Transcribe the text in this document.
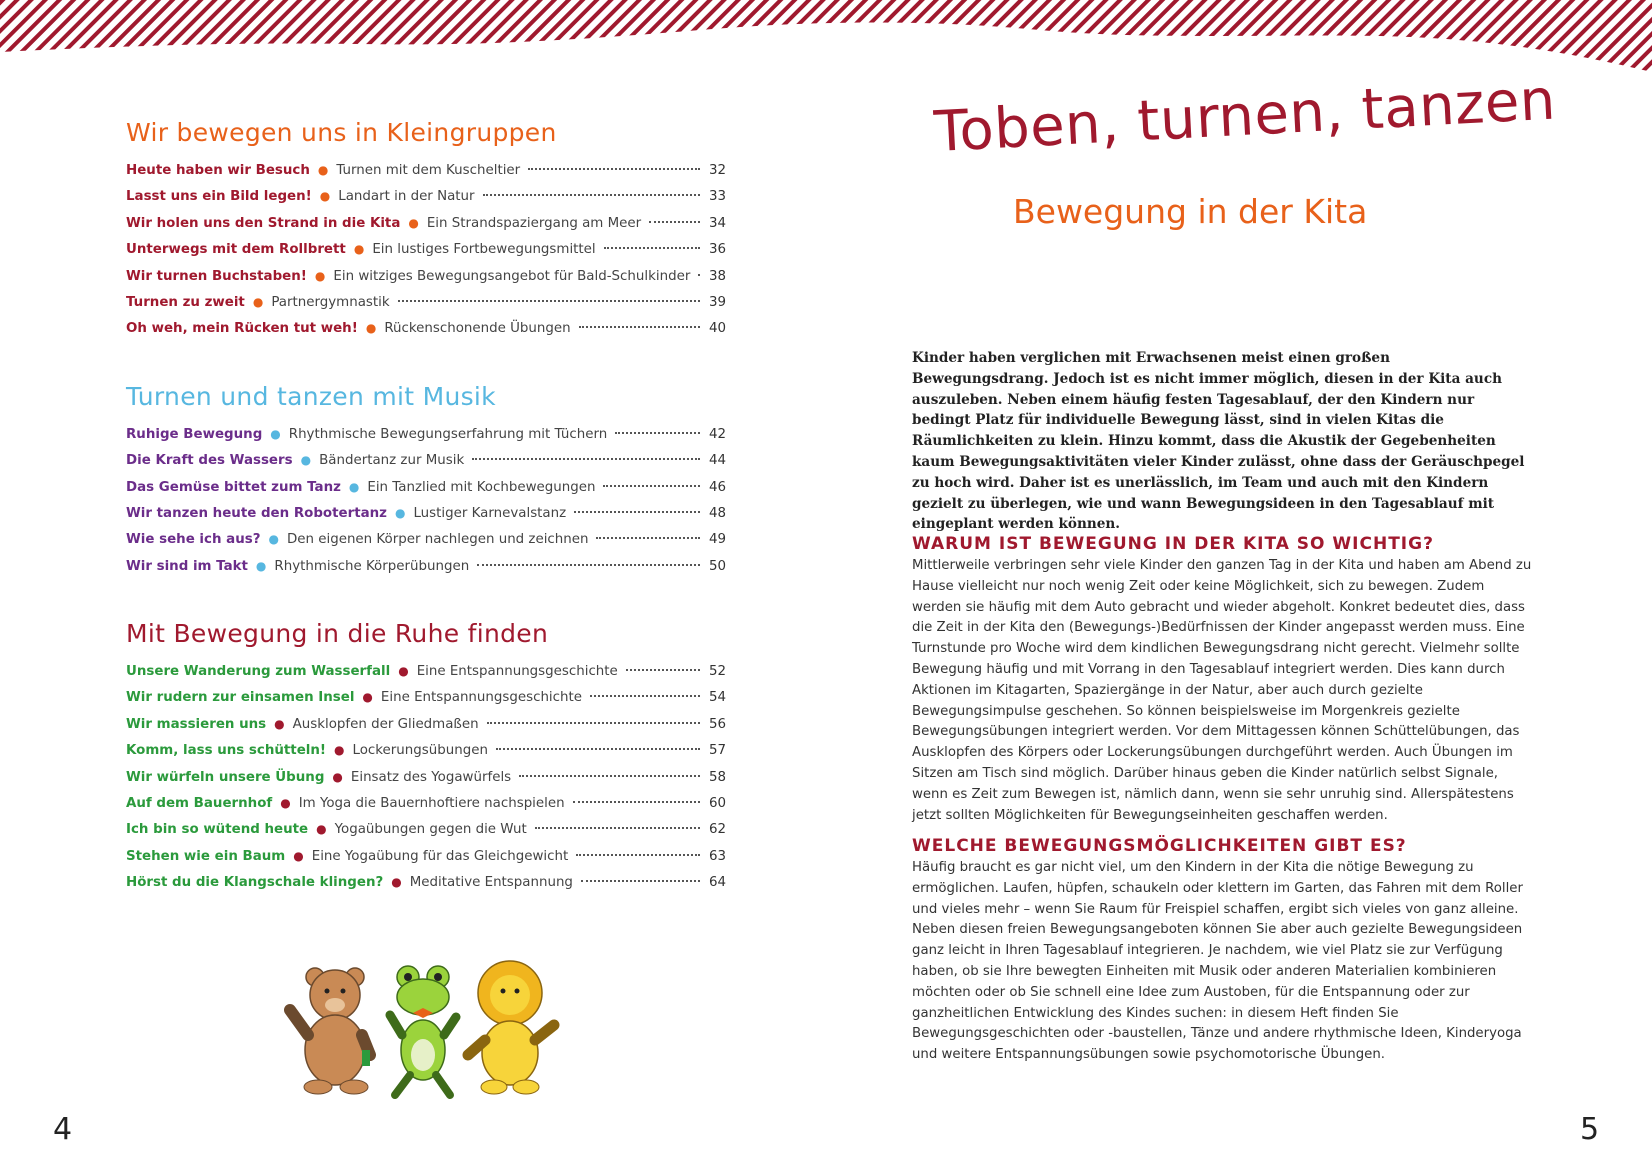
Wir bewegen uns in Kleingruppen
Heute haben wir Besuch ● Turnen mit dem Kuscheltier	32
Lasst uns ein Bild legen! ● Landart in der Natur	33
Wir holen uns den Strand in die Kita ● Ein Strandspaziergang am Meer	34
Unterwegs mit dem Rollbrett ● Ein lustiges Fortbewegungsmittel	36
Wir turnen Buchstaben! ● Ein witziges Bewegungsangebot für Bald-Schulkinder 38
Turnen zu zweit ● Partnergymnastik	39
Oh weh, mein Rücken tut weh! ● Rückenschonende Übungen	40
Turnen und tanzen mit Musik
Ruhige Bewegung ● Rhythmische Bewegungserfahrung mit Tüchern	42
Die Kraft des Wassers ● Bändertanz zur Musik	44
Das Gemüse bittet zum Tanz ● Ein Tanzlied mit Kochbewegungen	46
Wir tanzen heute den Robotertanz ● Lustiger Karnevalstanz	48
Wie sehe ich aus? ● Den eigenen Körper nachlegen und zeichnen	49
Wir sind im Takt ● Rhythmische Körperübungen	50
Mit Bewegung in die Ruhe finden
Unsere Wanderung zum Wasserfall ● Eine Entspannungsgeschichte	52
Wir rudern zur einsamen Insel ● Eine Entspannungsgeschichte	54
Wir massieren uns ● Ausklopfen der Gliedmaßen	56
Komm, lass uns schütteln! ● Lockerungsübungen	57
Wir würfeln unsere Übung ● Einsatz des Yogawürfels	58
Auf dem Bauernhof ● Im Yoga die Bauernhoftiere nachspielen	60
Ich bin so wütend heute ● Yogaübungen gegen die Wut	62
Stehen wie ein Baum ● Eine Yogaübung für das Gleichgewicht	63
Hörst du die Klangschale klingen? ● Meditative Entspannung	64
4	5
Toben, turnen, tanzen
Bewegung in der Kita
Kinder haben verglichen mit Erwachsenen meist einen großen Bewegungsdrang. Jedoch ist es nicht immer möglich, diesen in der Kita auch auszuleben. Neben einem häufig festen Tagesablauf, der den Kindern nur bedingt Platz für individuelle Bewegung lässt, sind in vielen Kitas die Räumlichkeiten zu klein. Hinzu kommt, dass die Akustik der Gegebenheiten kaum Bewegungsaktivitäten vieler Kinder zulässt, ohne dass der Geräuschpegel zu hoch wird. Daher ist es unerlässlich, im Team und auch mit den Kindern gezielt zu überlegen, wie und wann Bewegungsideen in den Tagesablauf mit eingeplant werden können.
WARUM IST BEWEGUNG IN DER KITA SO WICHTIG?

Mittlerweile verbringen sehr viele Kinder den ganzen Tag in der Kita und haben am Abend zu Hause vielleicht nur noch wenig Zeit oder keine Möglichkeit, sich zu bewegen. Zudem werden sie häufig mit dem Auto gebracht und wieder abgeholt. Konkret bedeutet dies, dass die Zeit in der Kita den (Bewegungs-)Bedürfnissen der Kinder angepasst werden muss. Eine Turnstunde pro Woche wird dem kindlichen Bewegungsdrang nicht gerecht. Vielmehr sollte Bewegung häufig und mit Vorrang in den Tagesablauf integriert werden. Dies kann durch Aktionen im Kitagarten, Spaziergänge in der Natur, aber auch durch gezielte Bewegungsimpulse geschehen. So können beispielsweise im Morgenkreis gezielte Bewegungsübungen integriert werden. Vor dem Mittagessen können Schüttelübungen, das Ausklopfen des Körpers oder Lockerungsübungen durchgeführt werden. Auch Übungen im Sitzen am Tisch sind möglich. Darüber hinaus geben die Kinder natürlich selbst Signale, wenn es Zeit zum Bewegen ist, nämlich dann, wenn sie sehr unruhig sind. Allerspätestens jetzt sollten Möglichkeiten für Bewegungseinheiten geschaffen werden.

WELCHE BEWEGUNGSMÖGLICHKEITEN GIBT ES?

Häufig braucht es gar nicht viel, um den Kindern in der Kita die nötige Bewegung zu ermöglichen. Laufen, hüpfen, schaukeln oder klettern im Garten, das Fahren mit dem Roller und vieles mehr – wenn Sie Raum für Freispiel schaffen, ergibt sich vieles von ganz alleine.

Neben diesen freien Bewegungsangeboten können Sie aber auch gezielte Bewegungsideen ganz leicht in Ihren Tagesablauf integrieren. Je nachdem, wie viel Platz sie zur Verfügung haben, ob sie Ihre bewegten Einheiten mit Musik oder anderen Materialien kombinieren möchten oder ob Sie schnell eine Idee zum Austoben, für die Entspannung oder zur ganzheitlichen Entwicklung des Kindes suchen: in diesem Heft finden Sie Bewegungsgeschichten oder -baustellen, Tänze und andere rhythmische Ideen, Kinderyoga und weitere Entspannungsübungen sowie psychomotorische Übungen.
